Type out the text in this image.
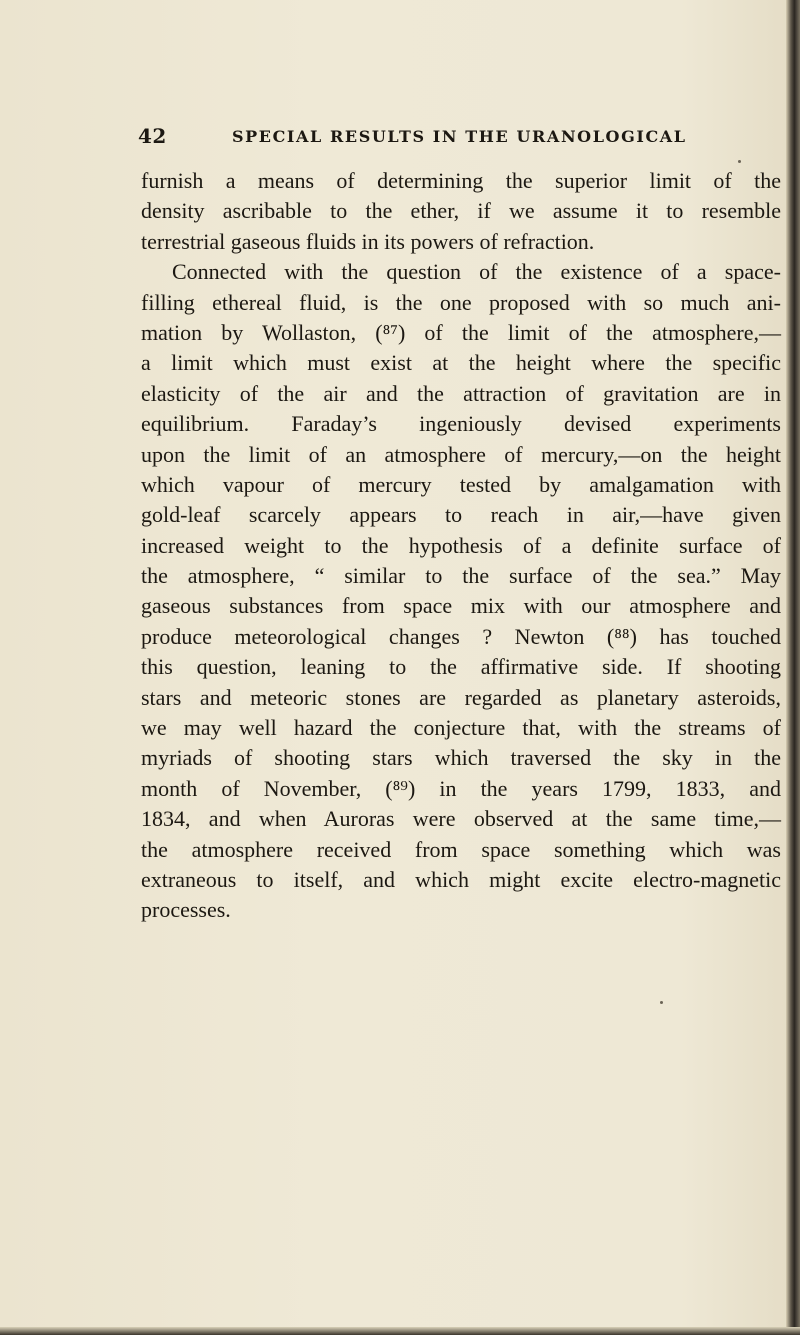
42	SPECIAL RESULTS IN THE URANOLOGICAL
furnish a means of determining the superior limit of the
density ascribable to the ether, if we assume it to resemble
terrestrial gaseous fluids in its powers of refraction.
Connected with the question of the existence of a space-
filling ethereal fluid, is the one proposed with so much ani-
mation by Wollaston, (⁸⁷) of the limit of the atmosphere,—
a limit which must exist at the height where the specific
elasticity of the air and the attraction of gravitation are in
equilibrium. Faraday’s ingeniously devised experiments
upon the limit of an atmosphere of mercury,—on the height
which vapour of mercury tested by amalgamation with
gold-leaf scarcely appears to reach in air,—have given
increased weight to the hypothesis of a definite surface of
the atmosphere, “ similar to the surface of the sea.” May
gaseous substances from space mix with our atmosphere and
produce meteorological changes ? Newton (⁸⁸) has touched
this question, leaning to the affirmative side. If shooting
stars and meteoric stones are regarded as planetary asteroids,
we may well hazard the conjecture that, with the streams of
myriads of shooting stars which traversed the sky in the
month of November, (⁸⁹) in the years 1799, 1833, and
1834, and when Auroras were observed at the same time,—
the atmosphere received from space something which was
extraneous to itself, and which might excite electro-magnetic
processes.
